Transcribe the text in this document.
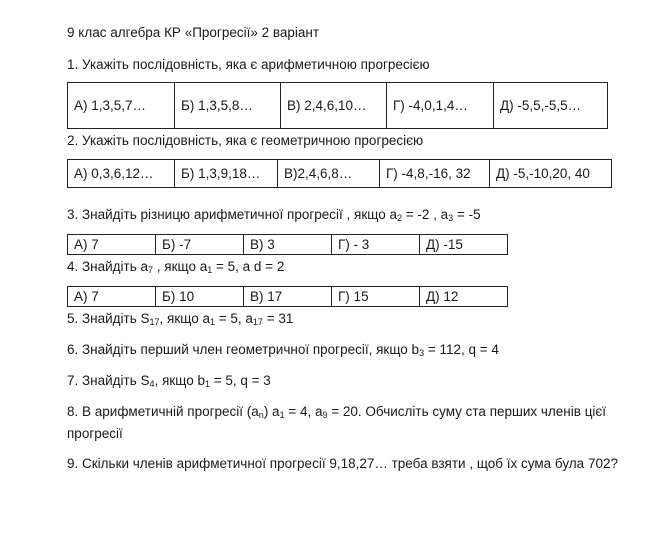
9 клас алгебра КР «Прогресії» 2 варіант
1. Укажіть послідовність, яка є арифметичною прогресією
А) 1,3,5,7…	Б) 1,3,5,8…	В) 2,4,6,10…	Г) -4,0,1,4…	Д) -5,5,-5,5…
2. Укажіть послідовність, яка є геометричною прогресією
А) 0,3,6,12…	Б) 1,3,9,18…	В)2,4,6,8…	Г) -4,8,-16, 32	Д) -5,-10,20, 40
3. Знайдіть різницю арифметичної прогресії , якщо $а_2 = -2$ , $а_3 = -5$
А) 7	Б) -7	В) 3	Г) - 3	Д) -15
4. Знайдіть $а_7$ , якщо $а_1 = 5$, а d = 2
А) 7	Б) 10	В) 17	Г) 15	Д) 12
5. Знайдіть $S_{17}$, якщо $а_1 = 5$, $а_{17} = 31$
6. Знайдіть перший член геометричної прогресії, якщо $b_3 = 112$, q = 4
7. Знайдіть $S_4$, якщо $b_1 = 5$, q = 3
8. В арифметичній прогресії $(а_n) а_1 = 4$, $а_9 = 20$. Обчисліть суму ста перших членів цієї прогресії
9. Скільки членів арифметичної прогресії 9,18,27… треба взяти , щоб їх сума була 702?
